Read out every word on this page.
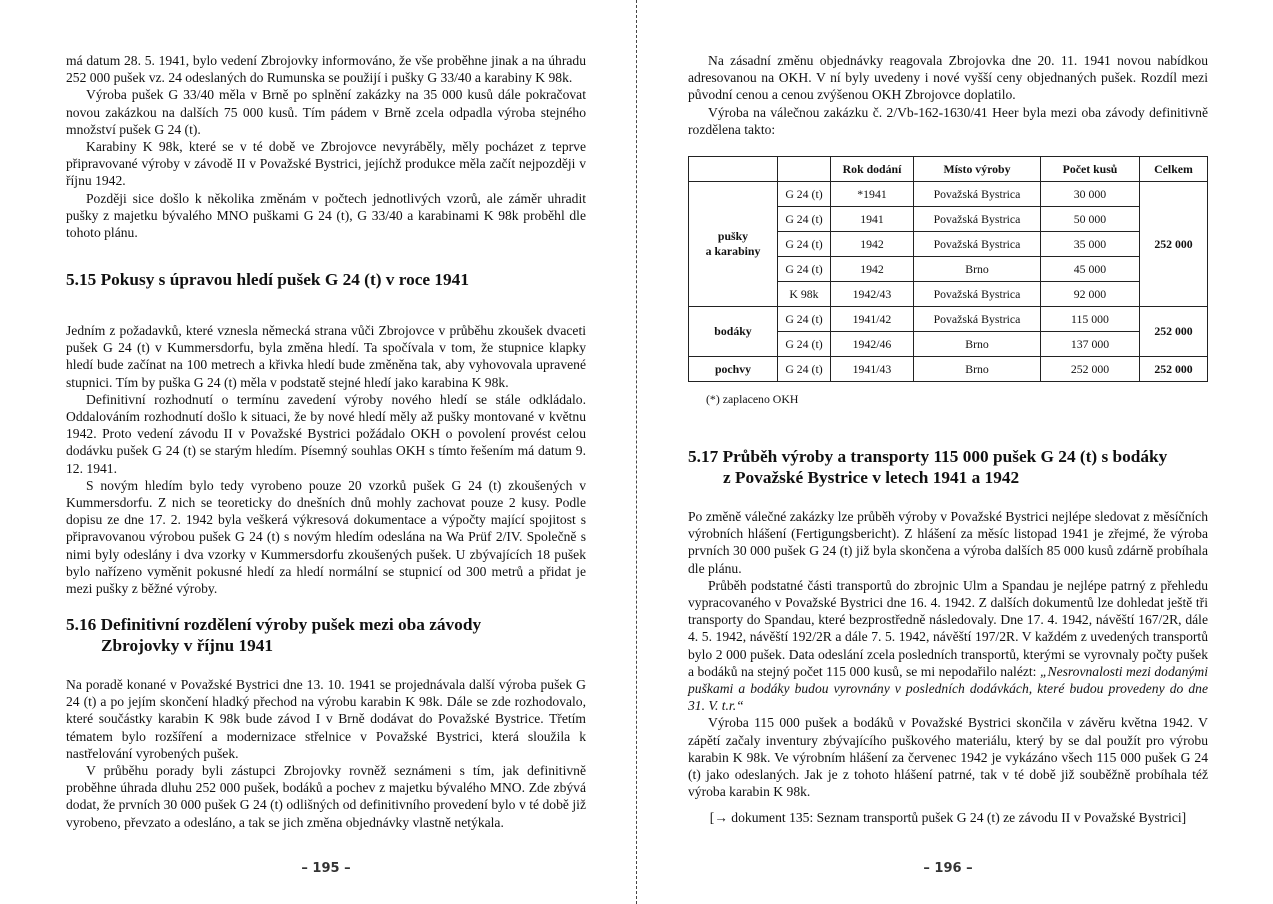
má datum 28. 5. 1941, bylo vedení Zbrojovky informováno, že vše proběhne jinak a na úhradu 252 000 pušek vz. 24 odeslaných do Rumunska se použijí i pušky G 33/40 a karabiny K 98k.

Výroba pušek G 33/40 měla v Brně po splnění zakázky na 35 000 kusů dále pokračovat novou zakázkou na dalších 75 000 kusů. Tím pádem v Brně zcela odpadla výroba stejného množství pušek G 24 (t).

Karabiny K 98k, které se v té době ve Zbrojovce nevyráběly, měly pocházet z teprve připravované výroby v závodě II v Považské Bystrici, jejíchž produkce měla začít nejpozději v říjnu 1942.

Později sice došlo k několika změnám v počtech jednotlivých vzorů, ale záměr uhradit pušky z majetku bývalého MNO puškami G 24 (t), G 33/40 a karabinami K 98k proběhl dle tohoto plánu.

5.15 Pokusy s úpravou hledí pušek G 24 (t) v roce 1941

Jedním z požadavků, které vznesla německá strana vůči Zbrojovce v průběhu zkoušek dvaceti pušek G 24 (t) v Kummersdorfu, byla změna hledí. Ta spočívala v tom, že stupnice klapky hledí bude začínat na 100 metrech a křivka hledí bude změněna tak, aby vyhovovala upravené stupnici. Tím by puška G 24 (t) měla v podstatě stejné hledí jako karabina K 98k.

Definitivní rozhodnutí o termínu zavedení výroby nového hledí se stále odkládalo. Oddalováním rozhodnutí došlo k situaci, že by nové hledí měly až pušky montované v květnu 1942. Proto vedení závodu II v Považské Bystrici požádalo OKH o povolení provést celou dodávku pušek G 24 (t) se starým hledím. Písemný souhlas OKH s tímto řešením má datum 9. 12. 1941.

S novým hledím bylo tedy vyrobeno pouze 20 vzorků pušek G 24 (t) zkoušených v Kummersdorfu. Z nich se teoreticky do dnešních dnů mohly zachovat pouze 2 kusy. Podle dopisu ze dne 17. 2. 1942 byla veškerá výkresová dokumentace a výpočty mající spojitost s připravovanou výrobou pušek G 24 (t) s novým hledím odeslána na Wa Prüf 2/IV. Společně s nimi byly odeslány i dva vzorky v Kummersdorfu zkoušených pušek. U zbývajících 18 pušek bylo nařízeno vyměnit pokusné hledí za hledí normální se stupnicí od 300 metrů a přidat je mezi pušky z běžné výroby.

5.16 Definitivní rozdělení výroby pušek mezi oba závody
Zbrojovky v říjnu 1941

Na poradě konané v Považské Bystrici dne 13. 10. 1941 se projednávala další výroba pušek G 24 (t) a po jejím skončení hladký přechod na výrobu karabin K 98k. Dále se zde rozhodovalo, které součástky karabin K 98k bude závod I v Brně dodávat do Považské Bystrice. Třetím tématem bylo rozšíření a modernizace střelnice v Považské Bystrici, která sloužila k nastřelování vyrobených pušek.

V průběhu porady byli zástupci Zbrojovky rovněž seznámeni s tím, jak definitivně proběhne úhrada dluhu 252 000 pušek, bodáků a pochev z majetku bývalého MNO. Zde zbývá dodat, že prvních 30 000 pušek G 24 (t) odlišných od definitivního provedení bylo v té době již vyrobeno, převzato a odesláno, a tak se jich změna objednávky vlastně netýkala.

– 195 –

Na zásadní změnu objednávky reagovala Zbrojovka dne 20. 11. 1941 novou nabídkou adresovanou na OKH. V ní byly uvedeny i nové vyšší ceny objednaných pušek. Rozdíl mezi původní cenou a cenou zvýšenou OKH Zbrojovce doplatilo.

Výroba na válečnou zakázku č. 2/Vb-162-1630/41 Heer byla mezi oba závody definitivně rozdělena takto:

		Rok dodání	Místo výroby	Počet kusů	Celkem
pušky
a karabiny	G 24 (t)	*1941	Považská Bystrica	30 000	252 000
	G 24 (t)	1941	Považská Bystrica	50 000	
	G 24 (t)	1942	Považská Bystrica	35 000	
	G 24 (t)	1942	Brno	45 000	
	K 98k	1942/43	Považská Bystrica	92 000	
bodáky	G 24 (t)	1941/42	Považská Bystrica	115 000	252 000
	G 24 (t)	1942/46	Brno	137 000	
pochvy	G 24 (t)	1941/43	Brno	252 000	252 000
(*) zaplaceno OKH
5.17 Průběh výroby a transporty 115 000 pušek G 24 (t) s bodáky
z Považské Bystrice v letech 1941 a 1942

Po změně válečné zakázky lze průběh výroby v Považské Bystrici nejlépe sledovat z měsíčních výrobních hlášení (Fertigungsbericht). Z hlášení za měsíc listopad 1941 je zřejmé, že výroba prvních 30 000 pušek G 24 (t) již byla skončena a výroba dalších 85 000 kusů zdárně probíhala dle plánu.

Průběh podstatné části transportů do zbrojnic Ulm a Spandau je nejlépe patrný z přehledu vypracovaného v Považské Bystrici dne 16. 4. 1942. Z dalších dokumentů lze dohledat ještě tři transporty do Spandau, které bezprostředně následovaly. Dne 17. 4. 1942, návěští 167/2R, dále 4. 5. 1942, návěští 192/2R a dále 7. 5. 1942, návěští 197/2R. V každém z uvedených transportů bylo 2 000 pušek. Data odeslání zcela posledních transportů, kterými se vyrovnaly počty pušek a bodáků na stejný počet 115 000 kusů, se mi nepodařilo nalézt: „Nesrovnalosti mezi dodanými puškami a bodáky budou vyrovnány v posledních dodávkách, které budou provedeny do dne 31. V. t.r.“

Výroba 115 000 pušek a bodáků v Považské Bystrici skončila v závěru května 1942. V zápětí začaly inventury zbývajícího puškového materiálu, který by se dal použít pro výrobu karabin K 98k. Ve výrobním hlášení za červenec 1942 je vykázáno všech 115 000 pušek G 24 (t) jako odeslaných. Jak je z tohoto hlášení patrné, tak v té době již souběžně probíhala též výroba karabin K 98k.

[→ dokument 135: Seznam transportů pušek G 24 (t) ze závodu II v Považské Bystrici]
– 196 –
